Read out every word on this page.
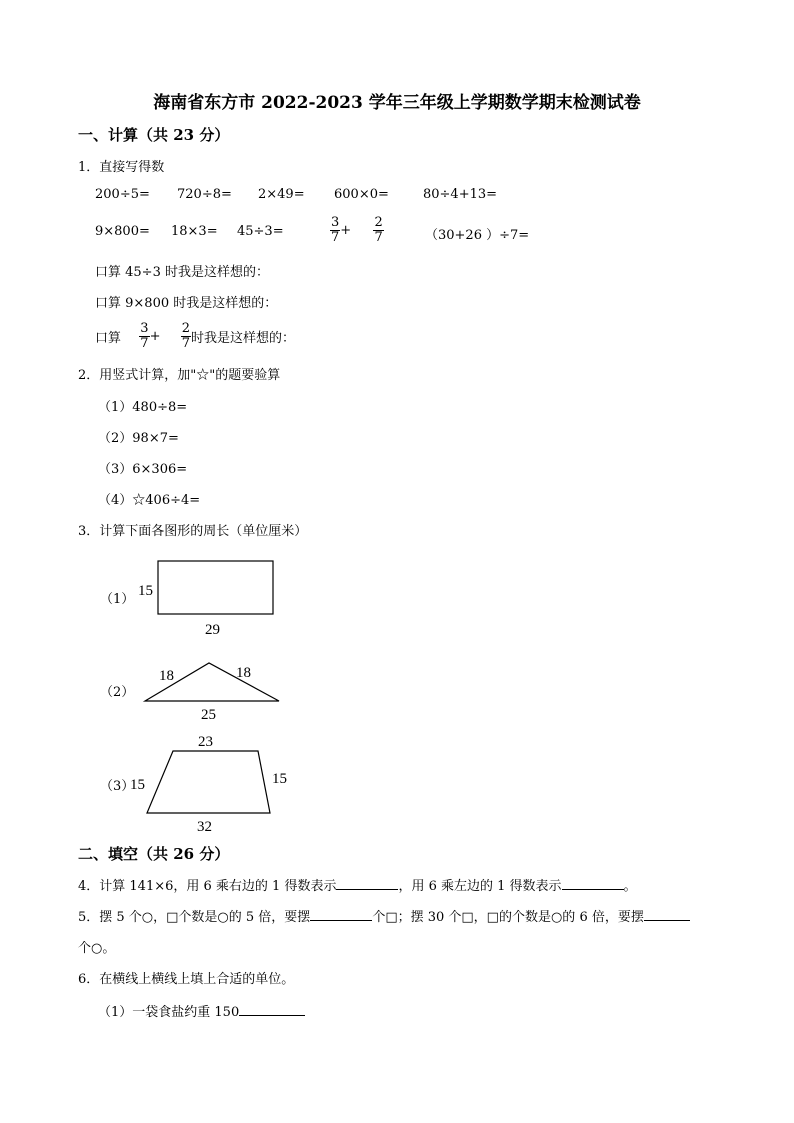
海南省东方市 2022-2023 学年三年级上学期数学期末检测试卷
一、计算（共 23 分）
1．直接写得数
200÷5= 720÷8= 2×49= 600×0=	80÷4+13=
9×800= 18×3= 45÷3=	$\frac{3}{7} + \frac{2}{7}$	（30+26 ）÷7=
口算 45÷3 时我是这样想的：
口算 9×800 时我是这样想的：
口算 $\frac{3}{7} + \frac{2}{7}$ 时我是这样想的：
2．用竖式计算，加"☆"的题要验算
（1）480÷8=
（2）98×7=
（3）6×306=
（4）☆406÷4=
3．计算下面各图形的周长（单位厘米）
（1）
（2）
（3）
15
29
18	18
25
23
15	15
32
二、填空（共 26 分）
4．计算 141×6，用 6 乘右边的 1 得数表示	，用 6 乘左边的 1 得数表示	。
5．摆 5 个○，□个数是○的 5 倍，要摆	个□；摆 30 个□，□的个数是○的 6 倍，要摆
个○。
6．在横线上横线上填上合适的单位。
（1）一袋食盐约重 150
